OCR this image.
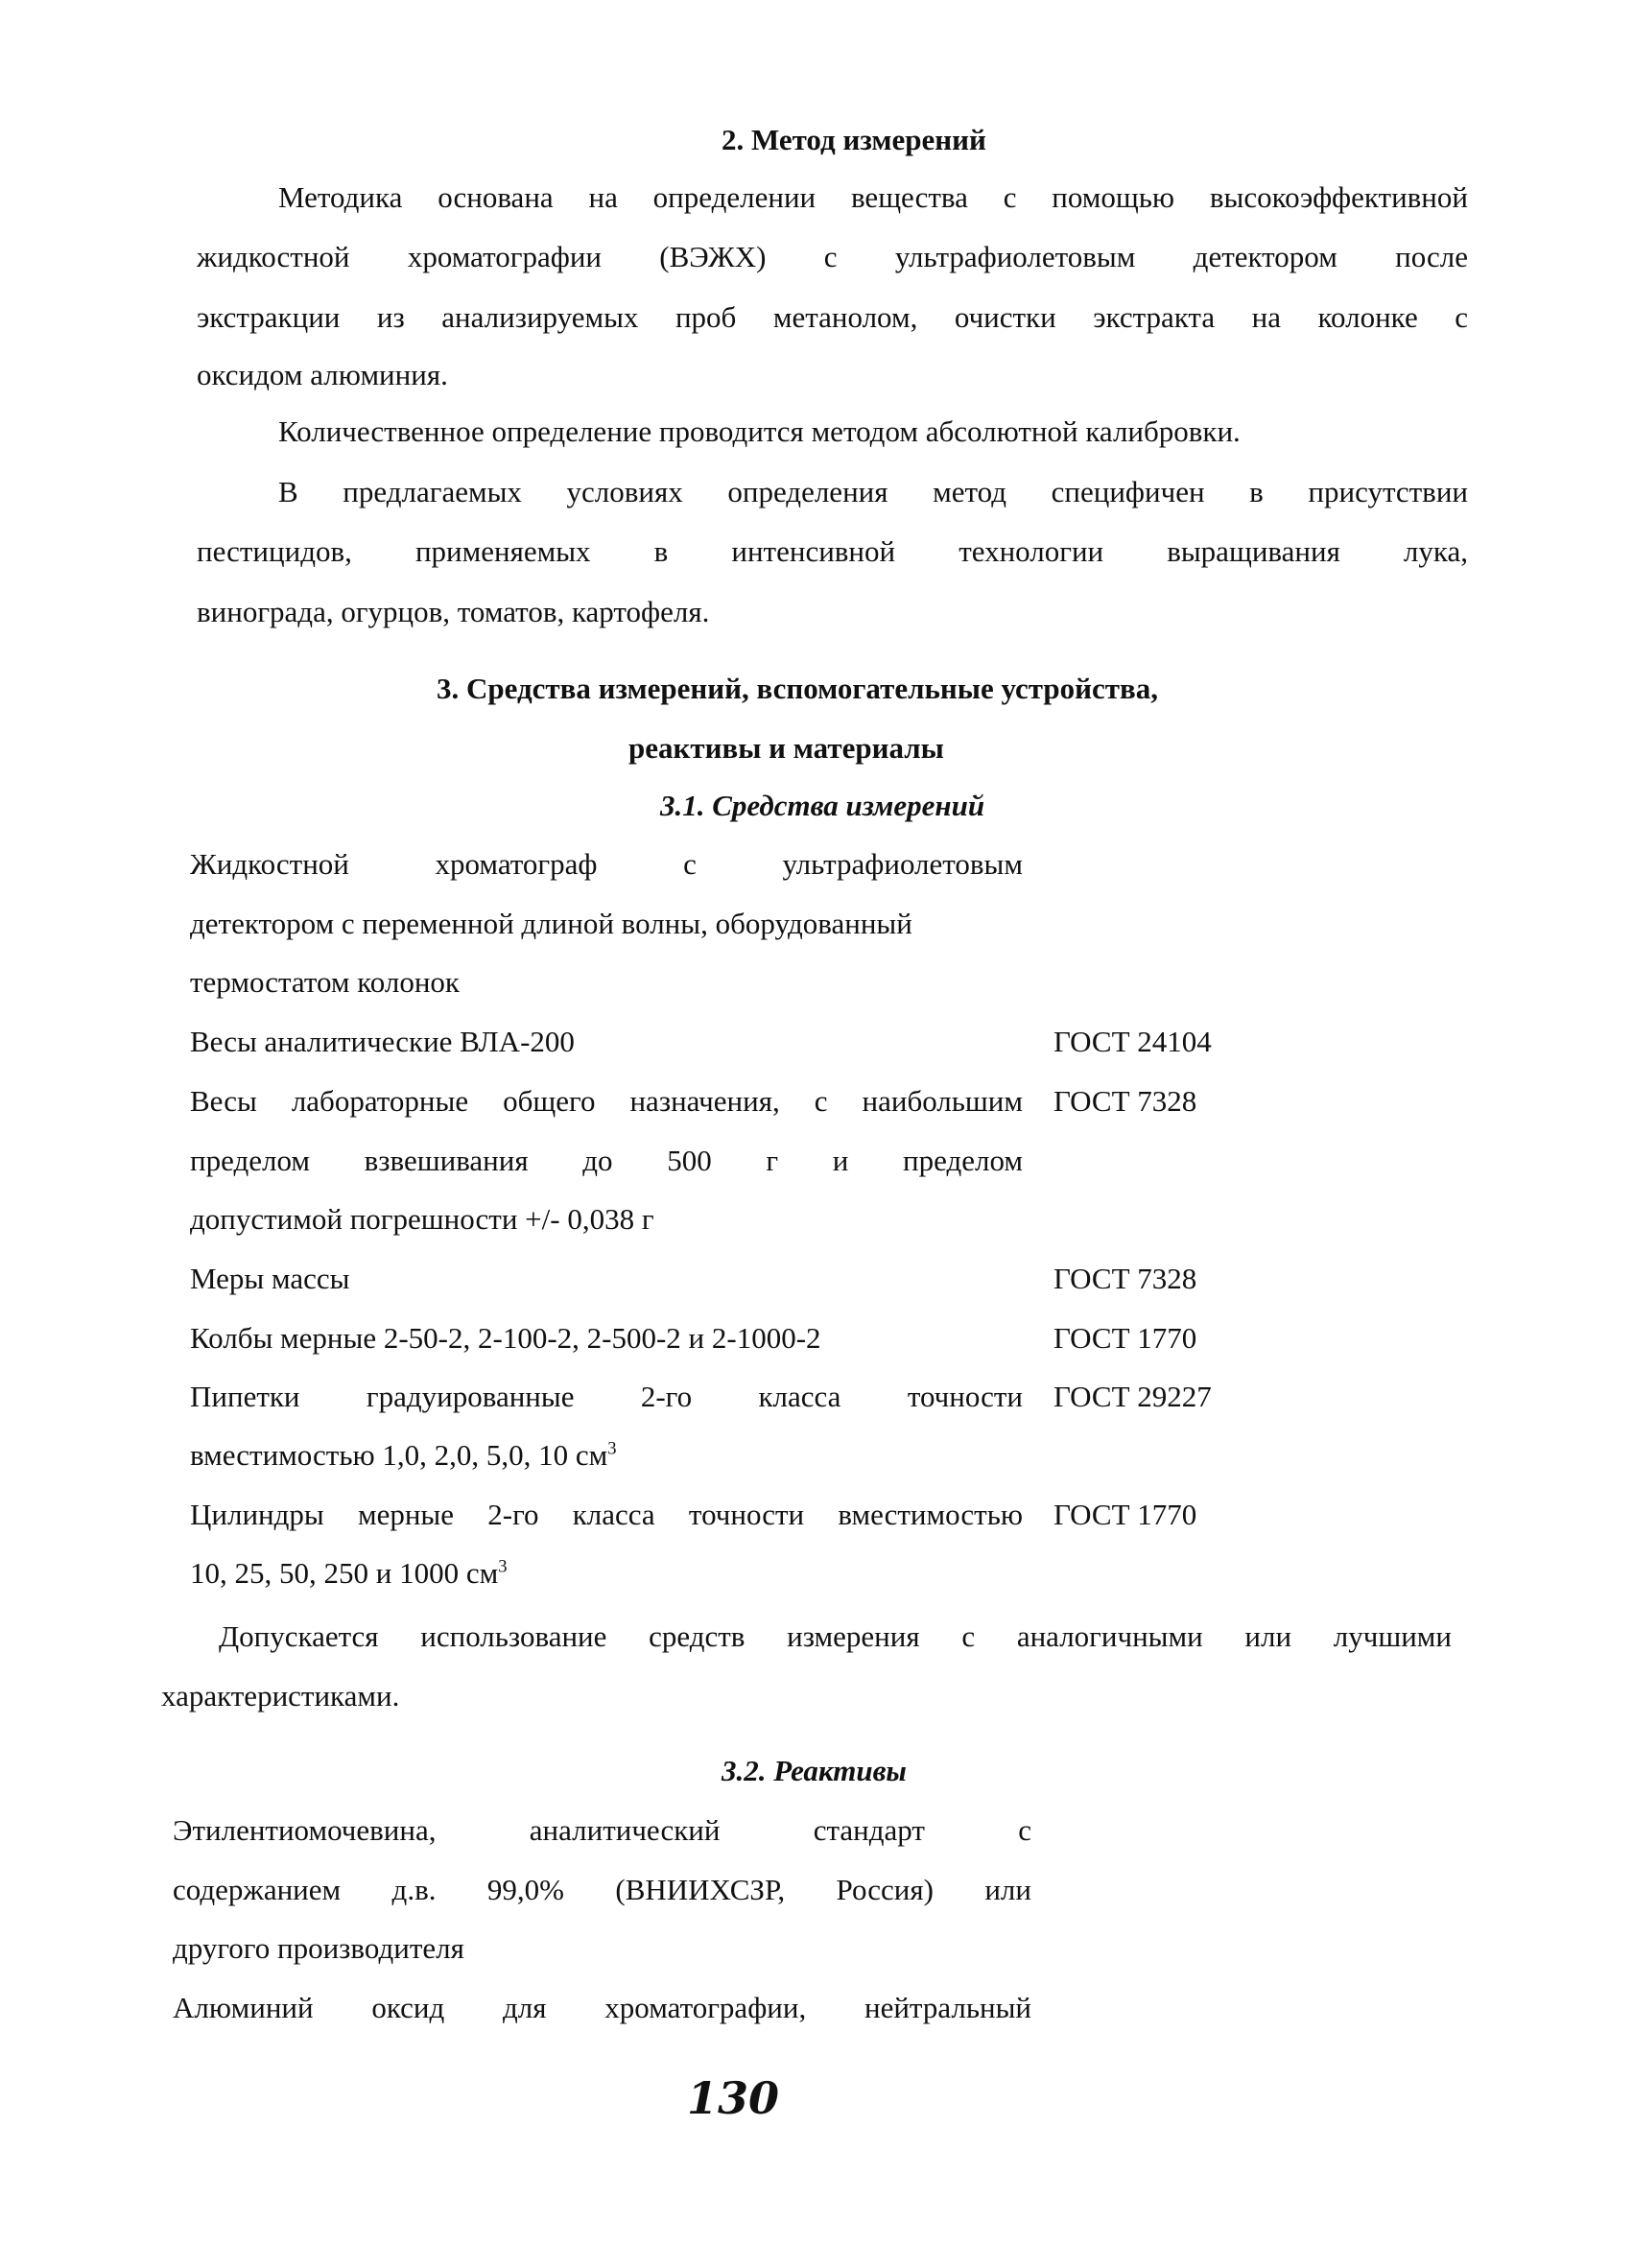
2. Метод измерений
Методика основана на определении вещества с помощью высокоэффективной
жидкостной хроматографии (ВЭЖХ) с ультрафиолетовым детектором после
экстракции из анализируемых проб метанолом, очистки экстракта на колонке с
оксидом алюминия.
Количественное определение проводится методом абсолютной калибровки.
В предлагаемых условиях определения метод специфичен в присутствии
пестицидов, применяемых в интенсивной технологии выращивания лука,
винограда, огурцов, томатов, картофеля.
3. Средства измерений, вспомогательные устройства,
реактивы и материалы
3.1. Средства измерений
Жидкостной хроматограф с ультрафиолетовым
детектором с переменной длиной волны, оборудованный
термостатом колонок
Весы аналитические ВЛА-200	ГОСТ 24104
Весы лабораторные общего назначения, с наибольшим ГОСТ 7328
пределом взвешивания до 500 г и пределом
допустимой погрешности +/- 0,038 г
Меры массы	ГОСТ 7328
Колбы мерные 2-50-2, 2-100-2, 2-500-2 и 2-1000-2	ГОСТ 1770
Пипетки градуированные 2-го класса точности ГОСТ 29227
вместимостью 1,0, 2,0, 5,0, 10 $см^3$
Цилиндры мерные 2-го класса точности вместимостью ГОСТ 1770
10, 25, 50, 250 и 1000 $см^3$
Допускается использование средств измерения с аналогичными или лучшими
характеристиками.
3.2. Реактивы
Этилентиомочевина, аналитический стандарт с
содержанием д.в. 99,0% (ВНИИХСЗР, Россия) или
другого производителя
Алюминий оксид для хроматографии, нейтральный
130
